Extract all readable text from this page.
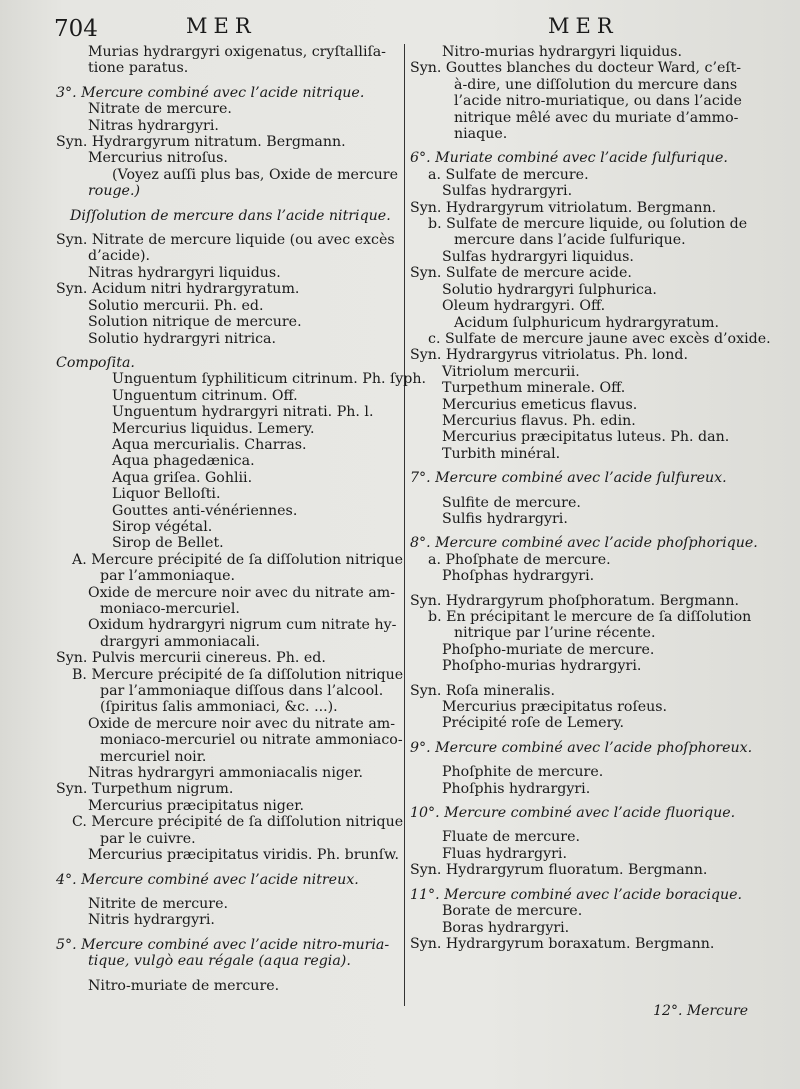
704	MER	MER
Murias hydrargyri oxigenatus, cryſtalliſa-
tione paratus.
3°. Mercure combiné avec l’acide nitrique.
Nitrate de mercure.
Nitras hydrargyri.
Syn. Hydrargyrum nitratum. Bergmann.
Mercurius nitroſus.
(Voyez auſſi plus bas, Oxide de mercure
rouge.)
Diſſolution de mercure dans l’acide nitrique.
Syn. Nitrate de mercure liquide (ou avec excès
d’acide).
Nitras hydrargyri liquidus.
Syn. Acidum nitri hydrargyratum.
Solutio mercurii. Ph. ed.
Solution nitrique de mercure.
Solutio hydrargyri nitrica.
Compoſita.
Unguentum ſyphiliticum citrinum. Ph. ſyph.
Unguentum citrinum. Off.
Unguentum hydrargyri nitrati. Ph. l.
Mercurius liquidus. Lemery.
Aqua mercurialis. Charras.
Aqua phagedænica.
Aqua griſea. Gohlii.
Liquor Belloſti.
Gouttes anti-vénériennes.
Sirop végétal.
Sirop de Bellet.
A. Mercure précipité de ſa diſſolution nitrique
par l’ammoniaque.
Oxide de mercure noir avec du nitrate am-
moniaco-mercuriel.
Oxidum hydrargyri nigrum cum nitrate hy-
drargyri ammoniacali.
Syn. Pulvis mercurii cinereus. Ph. ed.
B. Mercure précipité de ſa diſſolution nitrique
par l’ammoniaque diſſous dans l’alcool.
(ſpiritus ſalis ammoniaci, &c. ...).
Oxide de mercure noir avec du nitrate am-
moniaco-mercuriel ou nitrate ammoniaco-
mercuriel noir.
Nitras hydrargyri ammoniacalis niger.
Syn. Turpethum nigrum.
Mercurius præcipitatus niger.
C. Mercure précipité de ſa diſſolution nitrique
par le cuivre.
Mercurius præcipitatus viridis. Ph. brunſw.
4°. Mercure combiné avec l’acide nitreux.
Nitrite de mercure.
Nitris hydrargyri.
5°. Mercure combiné avec l’acide nitro-muria-
tique, vulgò eau régale (aqua regia).
Nitro-muriate de mercure.
Nitro-murias hydrargyri liquidus.
Syn. Gouttes blanches du docteur Ward, c’eſt-
à-dire, une diſſolution du mercure dans
l’acide nitro-muriatique, ou dans l’acide
nitrique mêlé avec du muriate d’ammo-
niaque.
6°. Muriate combiné avec l’acide ſulfurique.
a. Sulfate de mercure.
Sulfas hydrargyri.
Syn. Hydrargyrum vitriolatum. Bergmann.
b. Sulfate de mercure liquide, ou ſolution de
mercure dans l’acide ſulfurique.
Sulfas hydrargyri liquidus.
Syn. Sulfate de mercure acide.
Solutio hydrargyri ſulphurica.
Oleum hydrargyri. Off.
Acidum ſulphuricum hydrargyratum.
c. Sulfate de mercure jaune avec excès d’oxide.
Syn. Hydrargyrus vitriolatus. Ph. lond.
Vitriolum mercurii.
Turpethum minerale. Off.
Mercurius emeticus flavus.
Mercurius flavus. Ph. edin.
Mercurius præcipitatus luteus. Ph. dan.
Turbith minéral.
7°. Mercure combiné avec l’acide ſulfureux.
Sulfite de mercure.
Sulfis hydrargyri.
8°. Mercure combiné avec l’acide phoſphorique.
a. Phoſphate de mercure.
Phoſphas hydrargyri.
Syn. Hydrargyrum phoſphoratum. Bergmann.
b. En précipitant le mercure de ſa diſſolution
nitrique par l’urine récente.
Phoſpho-muriate de mercure.
Phoſpho-murias hydrargyri.
Syn. Roſa mineralis.
Mercurius præcipitatus roſeus.
Précipité roſe de Lemery.
9°. Mercure combiné avec l’acide phoſphoreux.
Phoſphite de mercure.
Phoſphis hydrargyri.
10°. Mercure combiné avec l’acide fluorique.
Fluate de mercure.
Fluas hydrargyri.
Syn. Hydrargyrum fluoratum. Bergmann.
11°. Mercure combiné avec l’acide boracique.
Borate de mercure.
Boras hydrargyri.
Syn. Hydrargyrum boraxatum. Bergmann.
12°. Mercure
